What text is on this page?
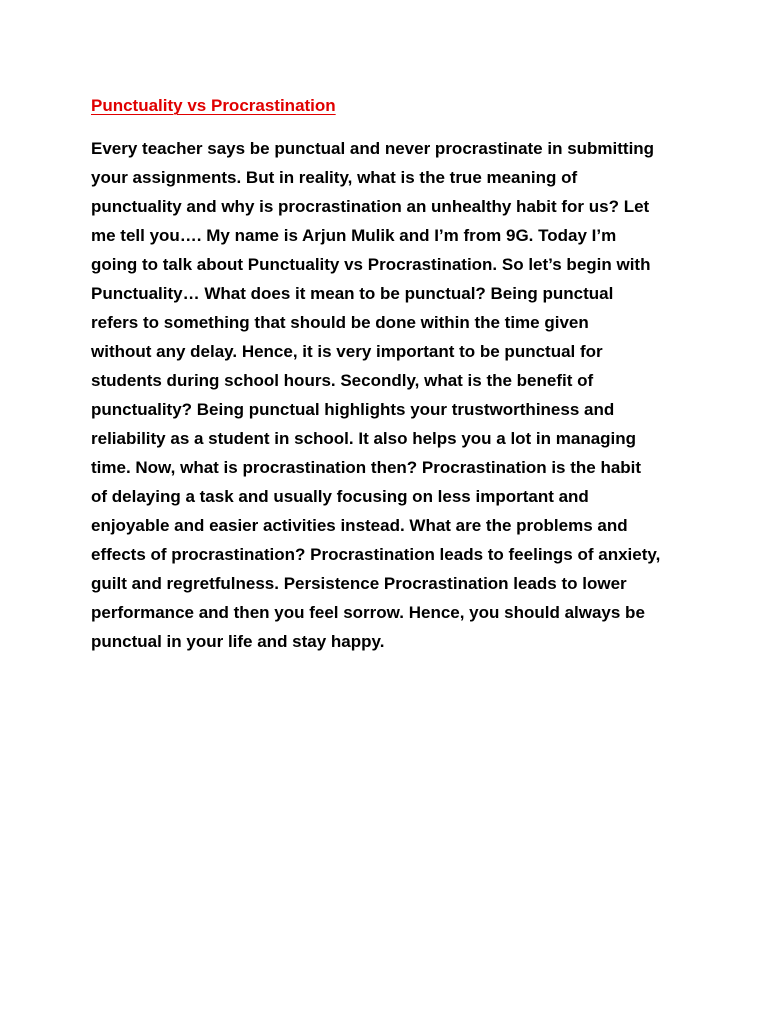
Punctuality vs Procrastination
Every teacher says be punctual and never procrastinate in submitting
your assignments. But in reality, what is the true meaning of
punctuality and why is procrastination an unhealthy habit for us? Let
me tell you…. My name is Arjun Mulik and I’m from 9G. Today I’m
going to talk about Punctuality vs Procrastination. So let’s begin with
Punctuality… What does it mean to be punctual? Being punctual
refers to something that should be done within the time given
without any delay. Hence, it is very important to be punctual for
students during school hours. Secondly, what is the benefit of
punctuality? Being punctual highlights your trustworthiness and
reliability as a student in school. It also helps you a lot in managing
time. Now, what is procrastination then? Procrastination is the habit
of delaying a task and usually focusing on less important and
enjoyable and easier activities instead. What are the problems and
effects of procrastination? Procrastination leads to feelings of anxiety,
guilt and regretfulness. Persistence Procrastination leads to lower
performance and then you feel sorrow. Hence, you should always be
punctual in your life and stay happy.
